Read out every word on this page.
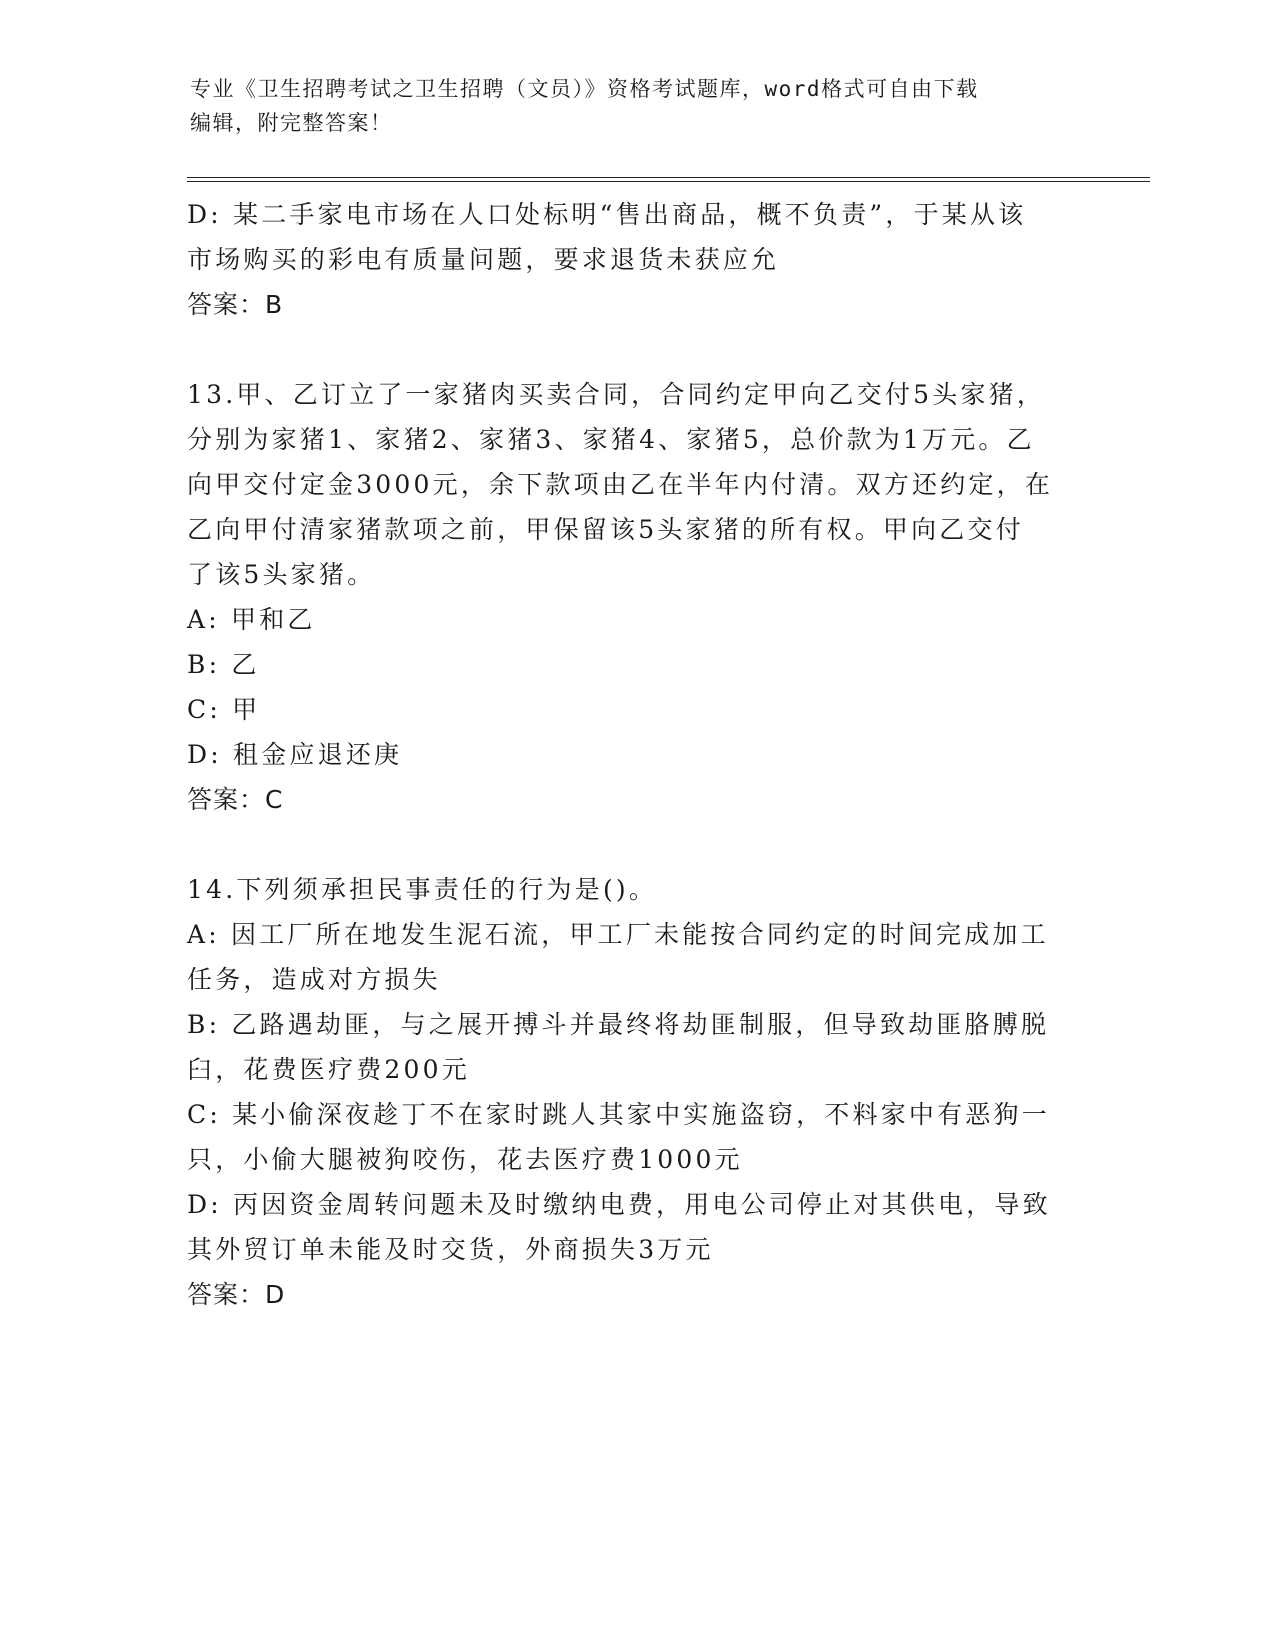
专业《卫生招聘考试之卫生招聘（文员）》资格考试题库，word格式可自由下载
编辑，附完整答案！
D: 某二手家电市场在人口处标明“售出商品，概不负责”，于某从该
市场购买的彩电有质量问题，要求退货未获应允
答案：B
13.甲、乙订立了一家猪肉买卖合同，合同约定甲向乙交付5头家猪，
分别为家猪1、家猪2、家猪3、家猪4、家猪5，总价款为1万元。乙
向甲交付定金3000元，余下款项由乙在半年内付清。双方还约定，在
乙向甲付清家猪款项之前，甲保留该5头家猪的所有权。甲向乙交付
了该5头家猪。
A: 甲和乙
B: 乙
C: 甲
D: 租金应退还庚
答案：C
14.下列须承担民事责任的行为是()。
A: 因工厂所在地发生泥石流，甲工厂未能按合同约定的时间完成加工
任务，造成对方损失
B: 乙路遇劫匪，与之展开搏斗并最终将劫匪制服，但导致劫匪胳膊脱
臼，花费医疗费200元
C: 某小偷深夜趁丁不在家时跳人其家中实施盗窃，不料家中有恶狗一
只，小偷大腿被狗咬伤，花去医疗费1000元
D: 丙因资金周转问题未及时缴纳电费，用电公司停止对其供电，导致
其外贸订单未能及时交货，外商损失3万元
答案：D
